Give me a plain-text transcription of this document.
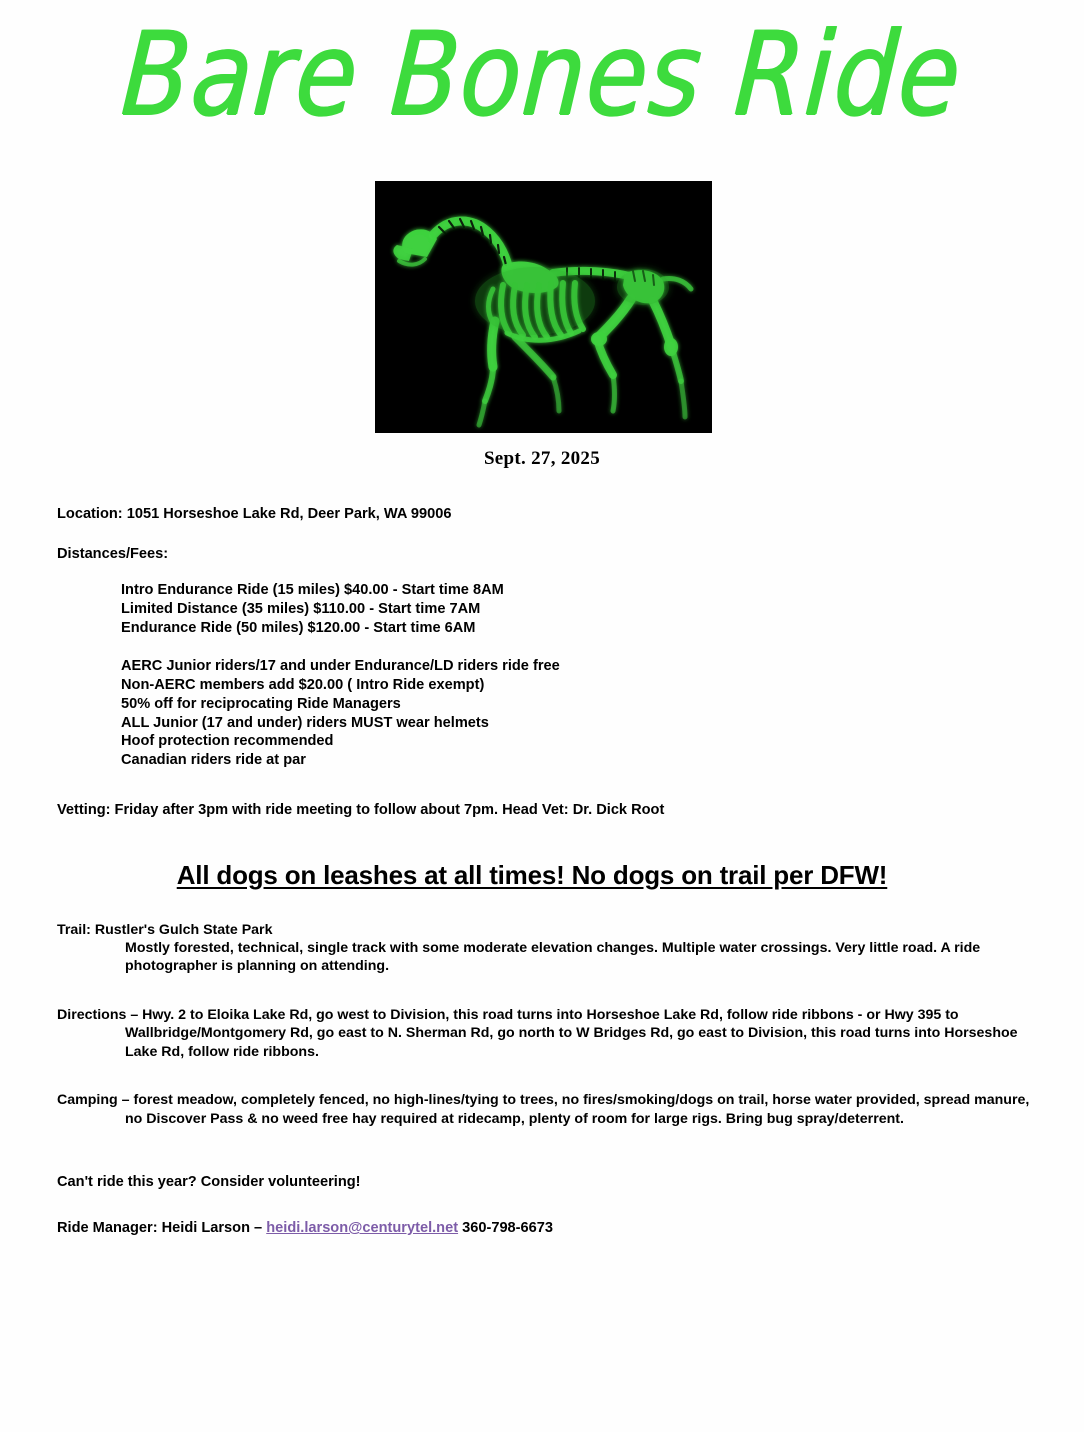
Bare Bones Ride
Sept. 27, 2025
Location: 1051 Horseshoe Lake Rd, Deer Park, WA 99006
Distances/Fees:
Intro Endurance Ride (15 miles) $40.00 - Start time 8AM
Limited Distance (35 miles) $110.00 - Start time 7AM
Endurance Ride (50 miles) $120.00 - Start time 6AM
AERC Junior riders/17 and under Endurance/LD riders ride free
Non-AERC members add $20.00 ( Intro Ride exempt)
50% off for reciprocating Ride Managers
ALL Junior (17 and under) riders MUST wear helmets
Hoof protection recommended
Canadian riders ride at par
Vetting: Friday after 3pm with ride meeting to follow about 7pm. Head Vet: Dr. Dick Root
All dogs on leashes at all times! No dogs on trail per DFW!
Trail: Rustler's Gulch State Park
Mostly forested, technical, single track with some moderate elevation changes. Multiple water crossings. Very little road. A ride photographer is planning on attending.
Directions – Hwy. 2 to Eloika Lake Rd, go west to Division, this road turns into Horseshoe Lake Rd, follow ride ribbons - or Hwy 395 to Wallbridge/Montgomery Rd, go east to N. Sherman Rd, go north to W Bridges Rd, go east to Division, this road turns into Horseshoe Lake Rd, follow ride ribbons.
Camping – forest meadow, completely fenced, no high-lines/tying to trees, no fires/smoking/dogs on trail, horse water provided, spread manure, no Discover Pass & no weed free hay required at ridecamp, plenty of room for large rigs. Bring bug spray/deterrent.
Can't ride this year? Consider volunteering!
Ride Manager: Heidi Larson – heidi.larson@centurytel.net 360-798-6673
